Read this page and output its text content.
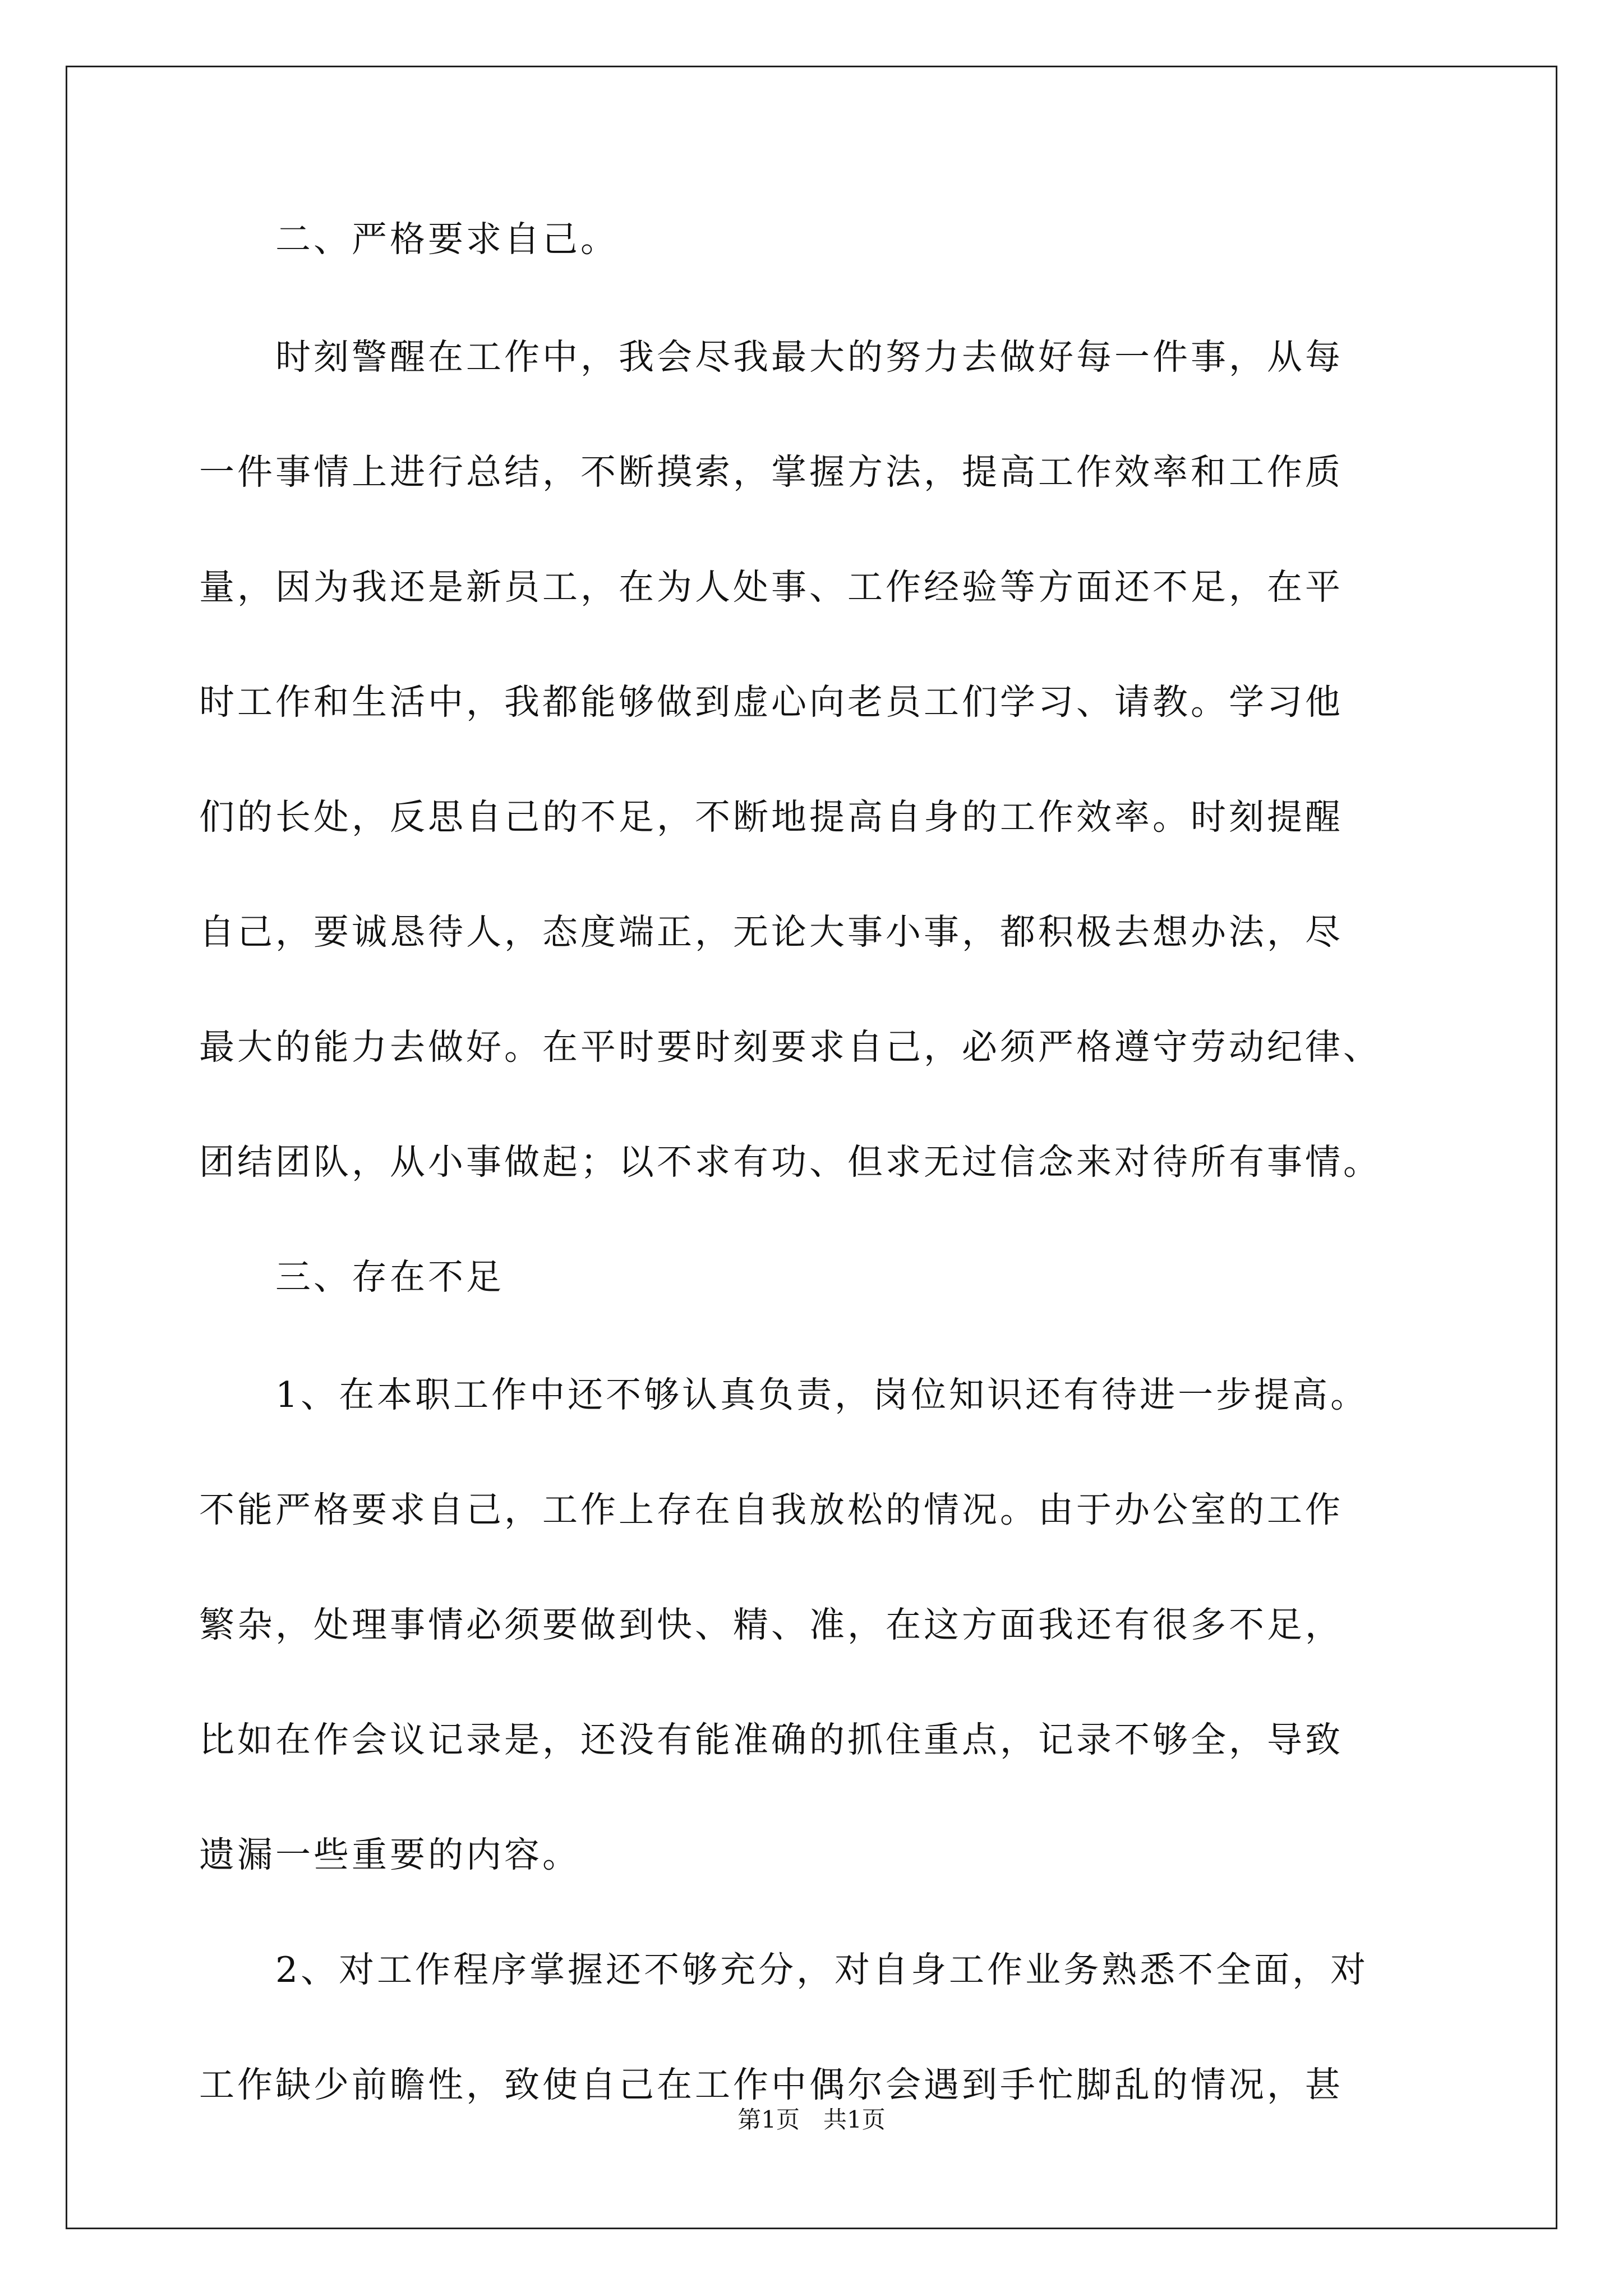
　　二、严格要求自己。
　　时刻警醒在工作中，我会尽我最大的努力去做好每一件事，从每
一件事情上进行总结，不断摸索，掌握方法，提高工作效率和工作质
量，因为我还是新员工，在为人处事、工作经验等方面还不足，在平
时工作和生活中，我都能够做到虚心向老员工们学习、请教。学习他
们的长处，反思自己的不足，不断地提高自身的工作效率。时刻提醒
自己，要诚恳待人，态度端正，无论大事小事，都积极去想办法，尽
最大的能力去做好。在平时要时刻要求自己，必须严格遵守劳动纪律、
团结团队，从小事做起；以不求有功、但求无过信念来对待所有事情。
　　三、存在不足
　　1、在本职工作中还不够认真负责，岗位知识还有待进一步提高。
不能严格要求自己，工作上存在自我放松的情况。由于办公室的工作
繁杂，处理事情必须要做到快、精、准，在这方面我还有很多不足，
比如在作会议记录是，还没有能准确的抓住重点，记录不够全，导致
遗漏一些重要的内容。
　　2、对工作程序掌握还不够充分，对自身工作业务熟悉不全面，对
工作缺少前瞻性，致使自己在工作中偶尔会遇到手忙脚乱的情况，甚
第1页　共1页
